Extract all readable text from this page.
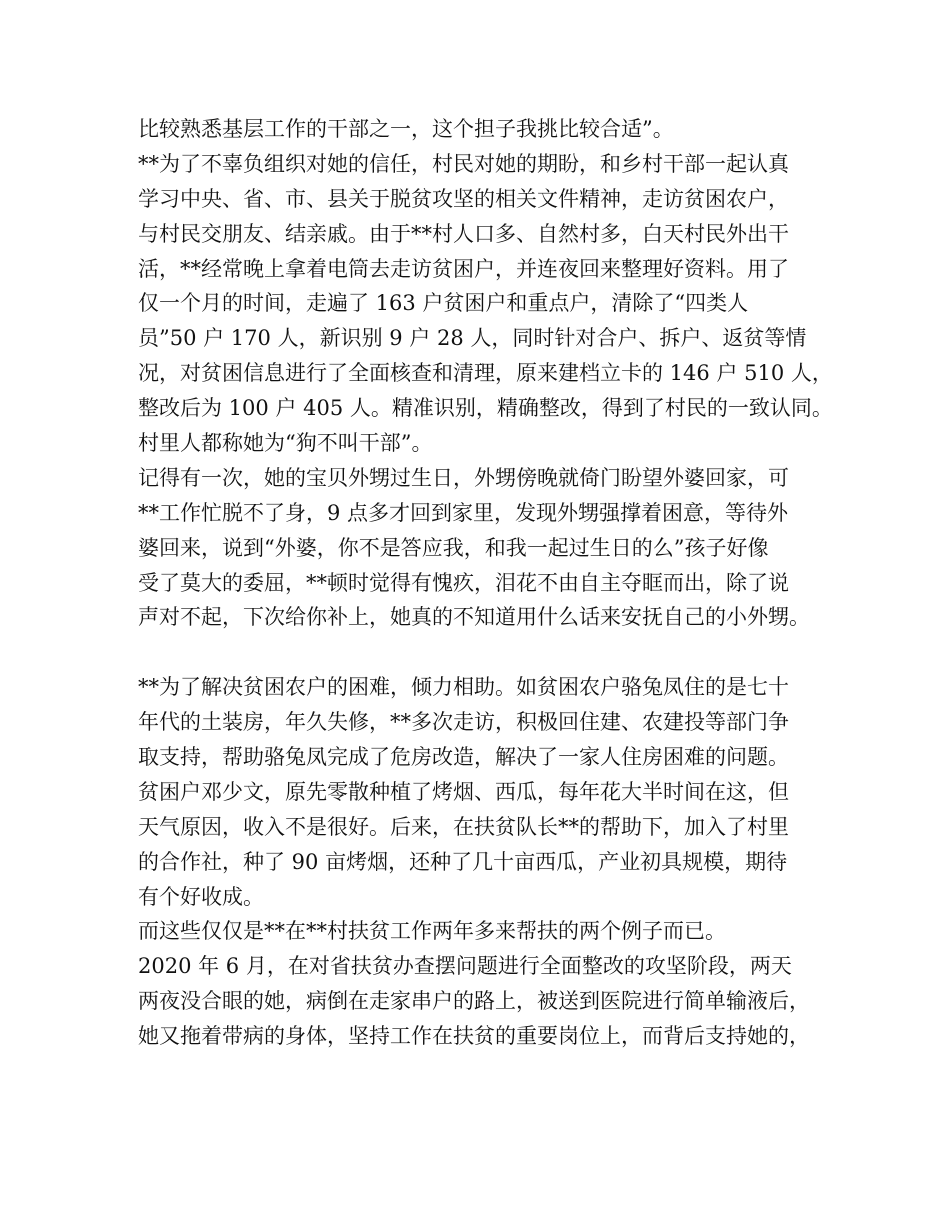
比较熟悉基层工作的干部之一，这个担子我挑比较合适”。
**为了不辜负组织对她的信任，村民对她的期盼，和乡村干部一起认真
学习中央、省、市、县关于脱贫攻坚的相关文件精神，走访贫困农户，
与村民交朋友、结亲戚。由于**村人口多、自然村多，白天村民外出干
活，**经常晚上拿着电筒去走访贫困户，并连夜回来整理好资料。用了
仅一个月的时间，走遍了 163 户贫困户和重点户，清除了“四类人
员”50 户 170 人，新识别 9 户 28 人，同时针对合户、拆户、返贫等情
况，对贫困信息进行了全面核查和清理，原来建档立卡的 146 户 510 人，
整改后为 100 户 405 人。精准识别，精确整改，得到了村民的一致认同。
村里人都称她为“狗不叫干部”。
记得有一次，她的宝贝外甥过生日，外甥傍晚就倚门盼望外婆回家，可
**工作忙脱不了身，9 点多才回到家里，发现外甥强撑着困意，等待外
婆回来，说到“外婆，你不是答应我，和我一起过生日的么”孩子好像
受了莫大的委屈，**顿时觉得有愧疚，泪花不由自主夺眶而出，除了说
声对不起，下次给你补上，她真的不知道用什么话来安抚自己的小外甥。
**为了解决贫困农户的困难，倾力相助。如贫困农户骆兔凤住的是七十
年代的土装房，年久失修，**多次走访，积极回住建、农建投等部门争
取支持，帮助骆兔凤完成了危房改造，解决了一家人住房困难的问题。
贫困户邓少文，原先零散种植了烤烟、西瓜，每年花大半时间在这，但
天气原因，收入不是很好。后来，在扶贫队长**的帮助下，加入了村里
的合作社，种了 90 亩烤烟，还种了几十亩西瓜，产业初具规模，期待
有个好收成。
而这些仅仅是**在**村扶贫工作两年多来帮扶的两个例子而已。
2020 年 6 月，在对省扶贫办查摆问题进行全面整改的攻坚阶段，两天
两夜没合眼的她，病倒在走家串户的路上，被送到医院进行简单输液后，
她又拖着带病的身体，坚持工作在扶贫的重要岗位上，而背后支持她的，
